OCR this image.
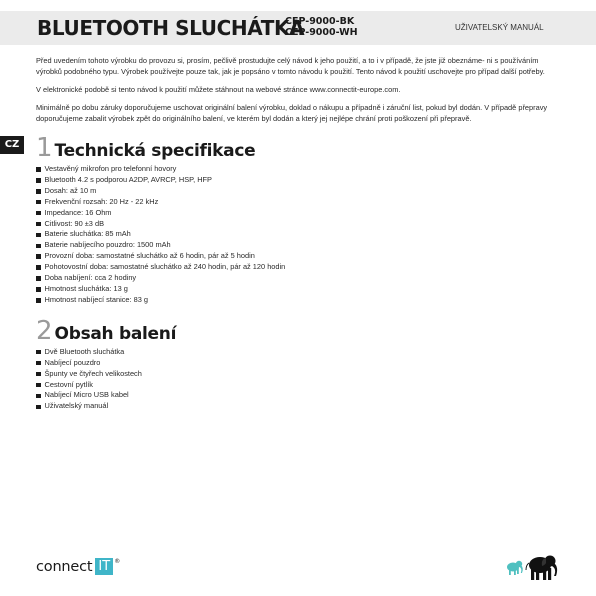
BLUETOOTH SLUCHÁTKA
CEP-9000-BK
CEP-9000-WH	UŽIVATELSKÝ MANUÁL
CZ

Před uvedením tohoto výrobku do provozu si, prosím, pečlivě prostudujte celý návod k jeho použití, a to i v případě, že jste již obeznáme- ni s používáním výrobků podobného typu. Výrobek používejte pouze tak, jak je popsáno v tomto návodu k použití. Tento návod k použití uschovejte pro případ další potřeby.

V elektronické podobě si tento návod k použití můžete stáhnout na webové stránce www.connectit-europe.com.

Minimálně po dobu záruky doporučujeme uschovat originální balení výrobku, doklad o nákupu a případně i záruční list, pokud byl dodán. V případě přepravy doporučujeme zabalit výrobek zpět do originálního balení, ve kterém byl dodán a který jej nejlépe chrání proti poškození při přepravě.

1 Technická specifikace
Vestavěný mikrofon pro telefonní hovory
Bluetooth 4.2 s podporou A2DP, AVRCP, HSP, HFP
Dosah: až 10 m
Frekvenční rozsah: 20 Hz - 22 kHz
Impedance: 16 Ohm
Citlivost: 90 ±3 dB
Baterie sluchátka: 85 mAh
Baterie nabíjecího pouzdro: 1500 mAh
Provozní doba: samostatné sluchátko až 6 hodin, pár až 5 hodin
Pohotovostní doba: samostatné sluchátko až 240 hodin, pár až 120 hodin
Doba nabíjení: cca 2 hodiny
Hmotnost sluchátka: 13 g
Hmotnost nabíjecí stanice: 83 g
2 Obsah balení
Dvě Bluetooth sluchátka
Nabíjecí pouzdro
Špunty ve čtyřech velikostech
Cestovní pytlík
Nabíjecí Micro USB kabel
Uživatelský manuál
connect IT ®
